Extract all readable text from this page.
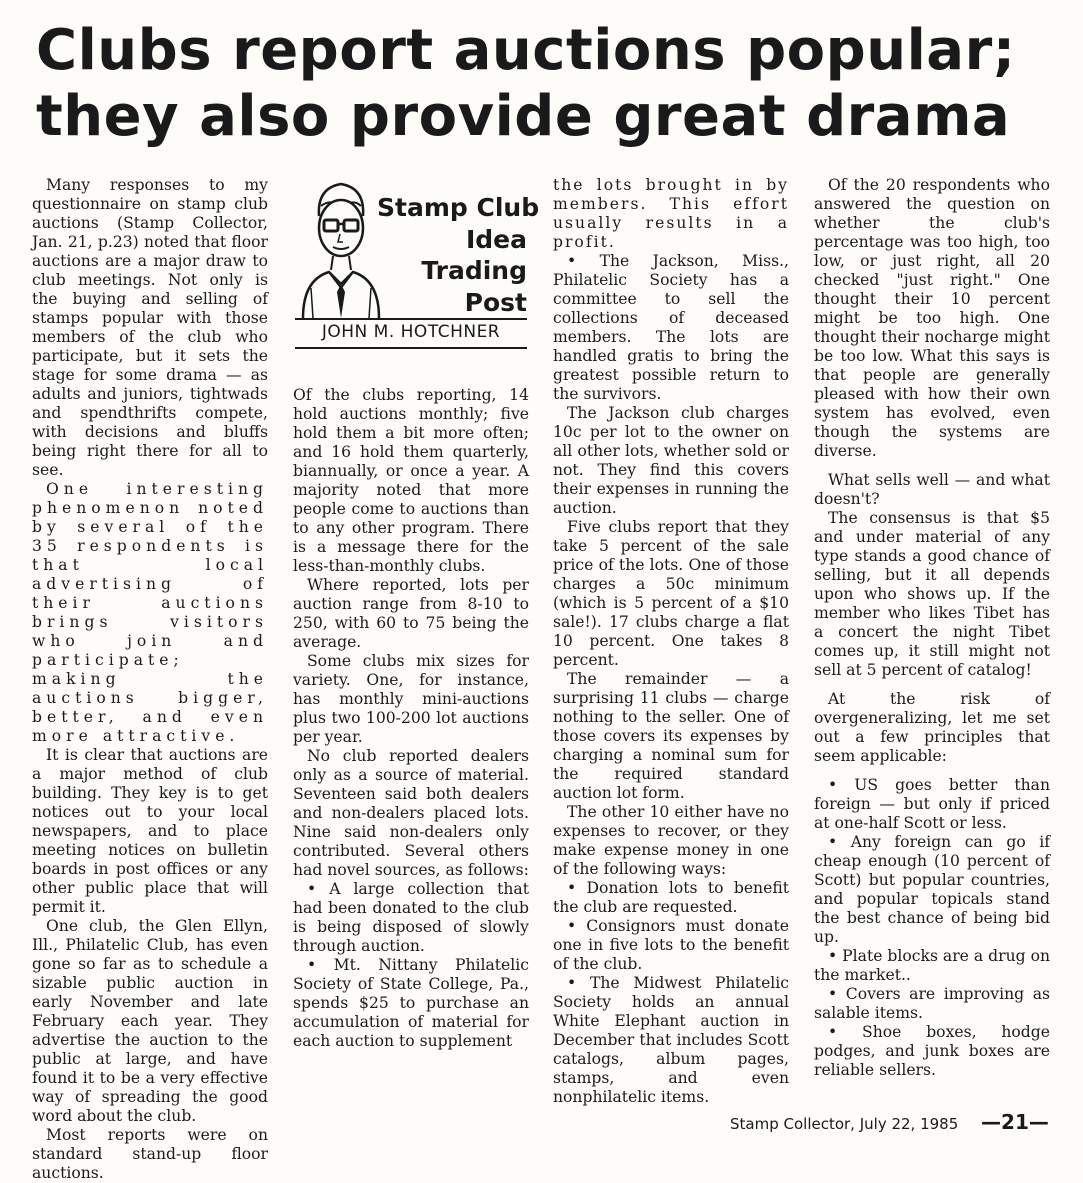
Clubs report auctions popular;
they also provide great drama

Many responses to my questionnaire on stamp club auctions (Stamp Collector, Jan. 21, p.23) noted that floor auctions are a major draw to club meetings. Not only is the buying and selling of stamps popular with those members of the club who participate, but it sets the stage for some drama — as adults and juniors, tightwads and spendthrifts compete, with decisions and bluffs being right there for all to see.

One interesting phenomenon noted by several of the 35 respondents is that local advertising of their auctions brings visitors who join and participate; making the auctions bigger, better, and even more attractive.

It is clear that auctions are a major method of club building. They key is to get notices out to your local newspapers, and to place meeting notices on bulletin boards in post offices or any other public place that will permit it.

One club, the Glen Ellyn, Ill., Philatelic Club, has even gone so far as to schedule a sizable public auction in early November and late February each year. They advertise the auction to the public at large, and have found it to be a very effective way of spreading the good word about the club.

Most reports were on standard stand-up floor auctions.

Stamp Club
Idea
Trading
Post
JOHN M. HOTCHNER

Of the clubs reporting, 14 hold auctions monthly; five hold them a bit more often; and 16 hold them quarterly, biannually, or once a year. A majority noted that more people come to auctions than to any other program. There is a message there for the less-than-monthly clubs.

Where reported, lots per auction range from 8-10 to 250, with 60 to 75 being the average.

Some clubs mix sizes for variety. One, for instance, has monthly mini-auctions plus two 100-200 lot auctions per year.

No club reported dealers only as a source of material. Seventeen said both dealers and non-dealers placed lots. Nine said non-dealers only contributed. Several others had novel sources, as follows:

• A large collection that had been donated to the club is being disposed of slowly through auction.

• Mt. Nittany Philatelic Society of State College, Pa., spends $25 to purchase an accumulation of material for each auction to supplement

the lots brought in by members. This effort usually results in a profit.

• The Jackson, Miss., Philatelic Society has a committee to sell the collections of deceased members. The lots are handled gratis to bring the greatest possible return to the survivors.

The Jackson club charges 10c per lot to the owner on all other lots, whether sold or not. They find this covers their expenses in running the auction.

Five clubs report that they take 5 percent of the sale price of the lots. One of those charges a 50c minimum (which is 5 percent of a $10 sale!). 17 clubs charge a flat 10 percent. One takes 8 percent.

The remainder — a surprising 11 clubs — charge nothing to the seller. One of those covers its expenses by charging a nominal sum for the required standard auction lot form.

The other 10 either have no expenses to recover, or they make expense money in one of the following ways:

• Donation lots to benefit the club are requested.

• Consignors must donate one in five lots to the benefit of the club.

• The Midwest Philatelic Society holds an annual White Elephant auction in December that includes Scott catalogs, album pages, stamps, and even nonphilatelic items.

Of the 20 respondents who answered the question on whether the club's percentage was too high, too low, or just right, all 20 checked "just right." One thought their 10 percent might be too high. One thought their nocharge might be too low. What this says is that people are generally pleased with how their own system has evolved, even though the systems are diverse.

What sells well — and what doesn't?

The consensus is that $5 and under material of any type stands a good chance of selling, but it all depends upon who shows up. If the member who likes Tibet has a concert the night Tibet comes up, it still might not sell at 5 percent of catalog!

At the risk of overgeneralizing, let me set out a few principles that seem applicable:

• US goes better than foreign — but only if priced at one-half Scott or less.

• Any foreign can go if cheap enough (10 percent of Scott) but popular countries, and popular topicals stand the best chance of being bid up.

• Plate blocks are a drug on the market..

• Covers are improving as salable items.

• Shoe boxes, hodge podges, and junk boxes are reliable sellers.

Stamp Collector, July 22, 1985 —21—
